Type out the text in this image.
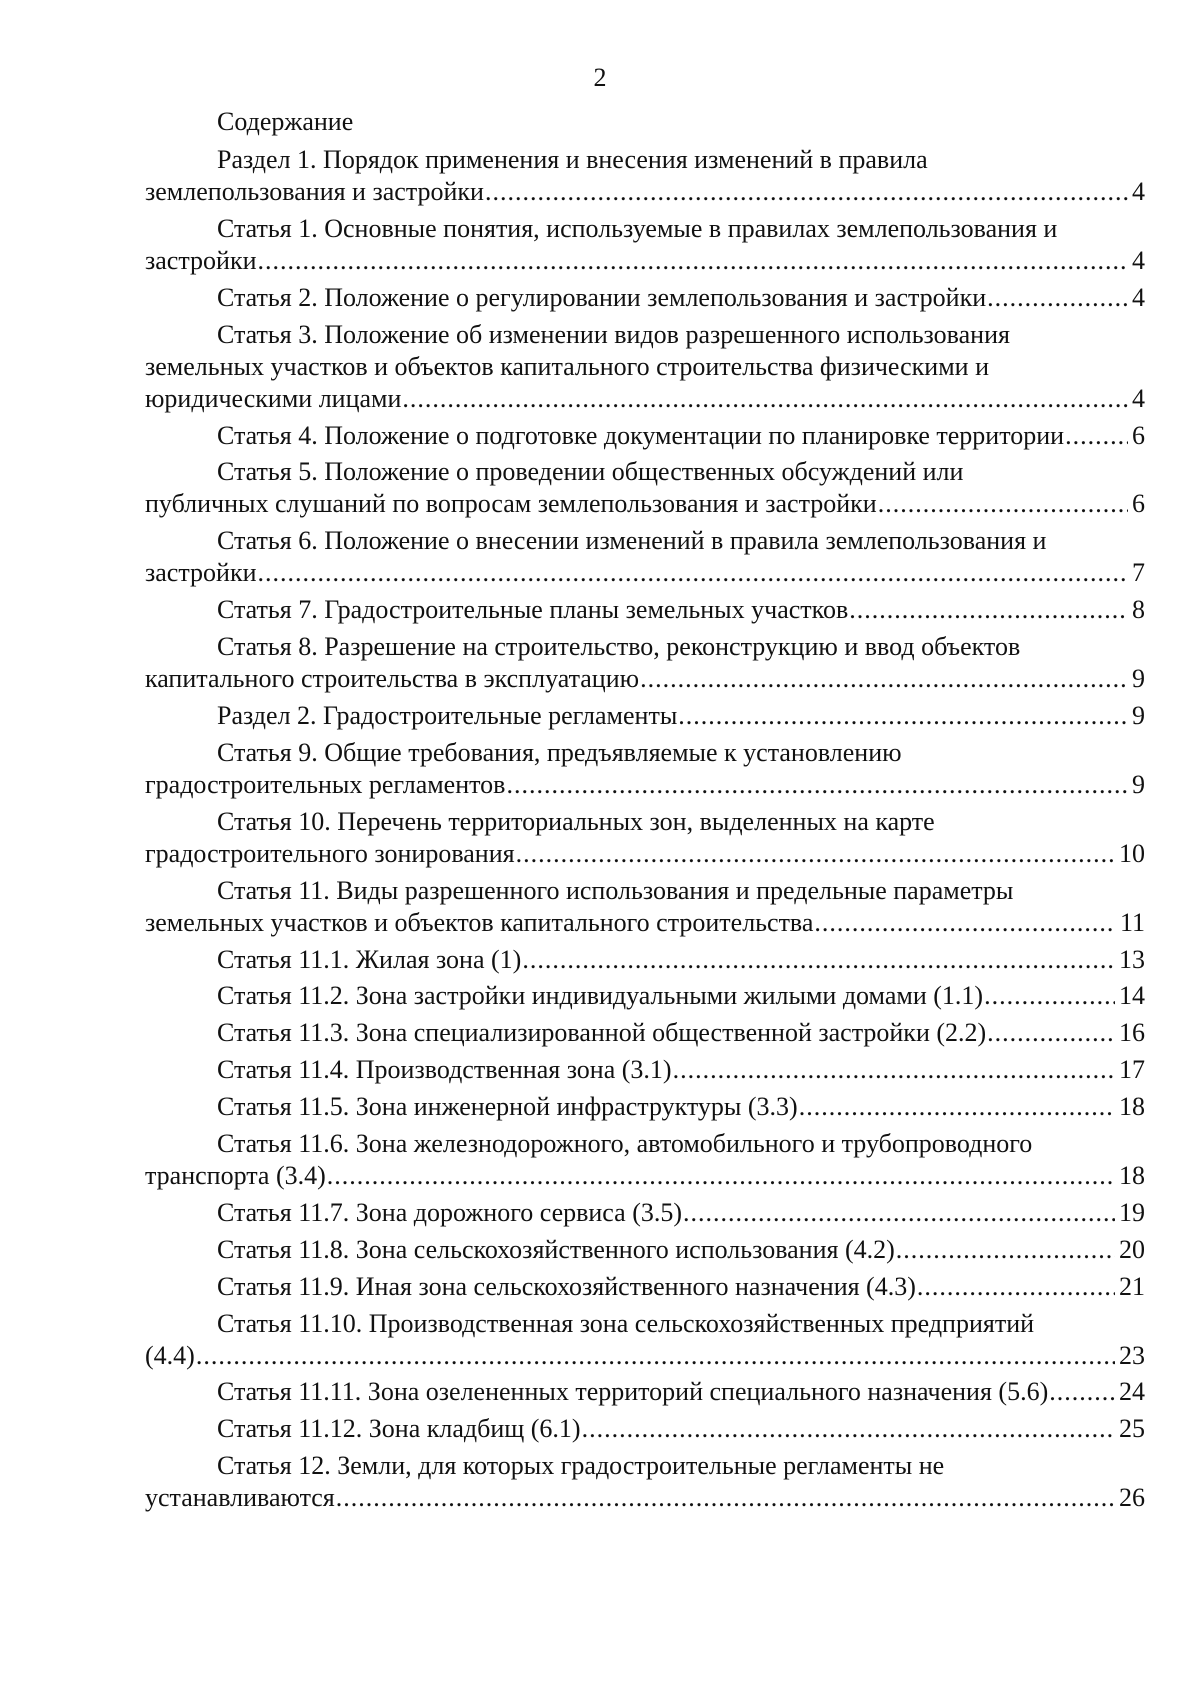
2
Содержание
Раздел 1. Порядок применения и внесения изменений в правила
землепользования и застройки .....	4
Статья 1. Основные понятия, используемые в правилах землепользования и
застройки .....	4
Статья 2. Положение о регулировании землепользования и застройки .....	4
Статья 3. Положение об изменении видов разрешенного использования
земельных участков и объектов капитального строительства физическими и
юридическими лицами .....	4
Статья 4. Положение о подготовке документации по планировке территории .....	6
Статья 5. Положение о проведении общественных обсуждений или
публичных слушаний по вопросам землепользования и застройки .....	6
Статья 6. Положение о внесении изменений в правила землепользования и
застройки .....	7
Статья 7. Градостроительные планы земельных участков .....	8
Статья 8. Разрешение на строительство, реконструкцию и ввод объектов
капитального строительства в эксплуатацию .....	9
Раздел 2. Градостроительные регламенты .....	9
Статья 9. Общие требования, предъявляемые к установлению
градостроительных регламентов .....	9
Статья 10. Перечень территориальных зон, выделенных на карте
градостроительного зонирования .....	10
Статья 11. Виды разрешенного использования и предельные параметры
земельных участков и объектов капитального строительства .....	11
Статья 11.1. Жилая зона (1) .....	13
Статья 11.2. Зона застройки индивидуальными жилыми домами (1.1) .....	14
Статья 11.3. Зона специализированной общественной застройки (2.2) .....	16
Статья 11.4. Производственная зона (3.1) .....	17
Статья 11.5. Зона инженерной инфраструктуры (3.3) .....	18
Статья 11.6. Зона железнодорожного, автомобильного и трубопроводного
транспорта (3.4) .....	18
Статья 11.7. Зона дорожного сервиса (3.5) .....	19
Статья 11.8. Зона сельскохозяйственного использования (4.2) .....	20
Статья 11.9. Иная зона сельскохозяйственного назначения (4.3) .....	21
Статья 11.10. Производственная зона сельскохозяйственных предприятий
(4.4) .....	23
Статья 11.11. Зона озелененных территорий специального назначения (5.6) .....	24
Статья 11.12. Зона кладбищ (6.1) .....	25
Статья 12. Земли, для которых градостроительные регламенты не
устанавливаются .....	26
